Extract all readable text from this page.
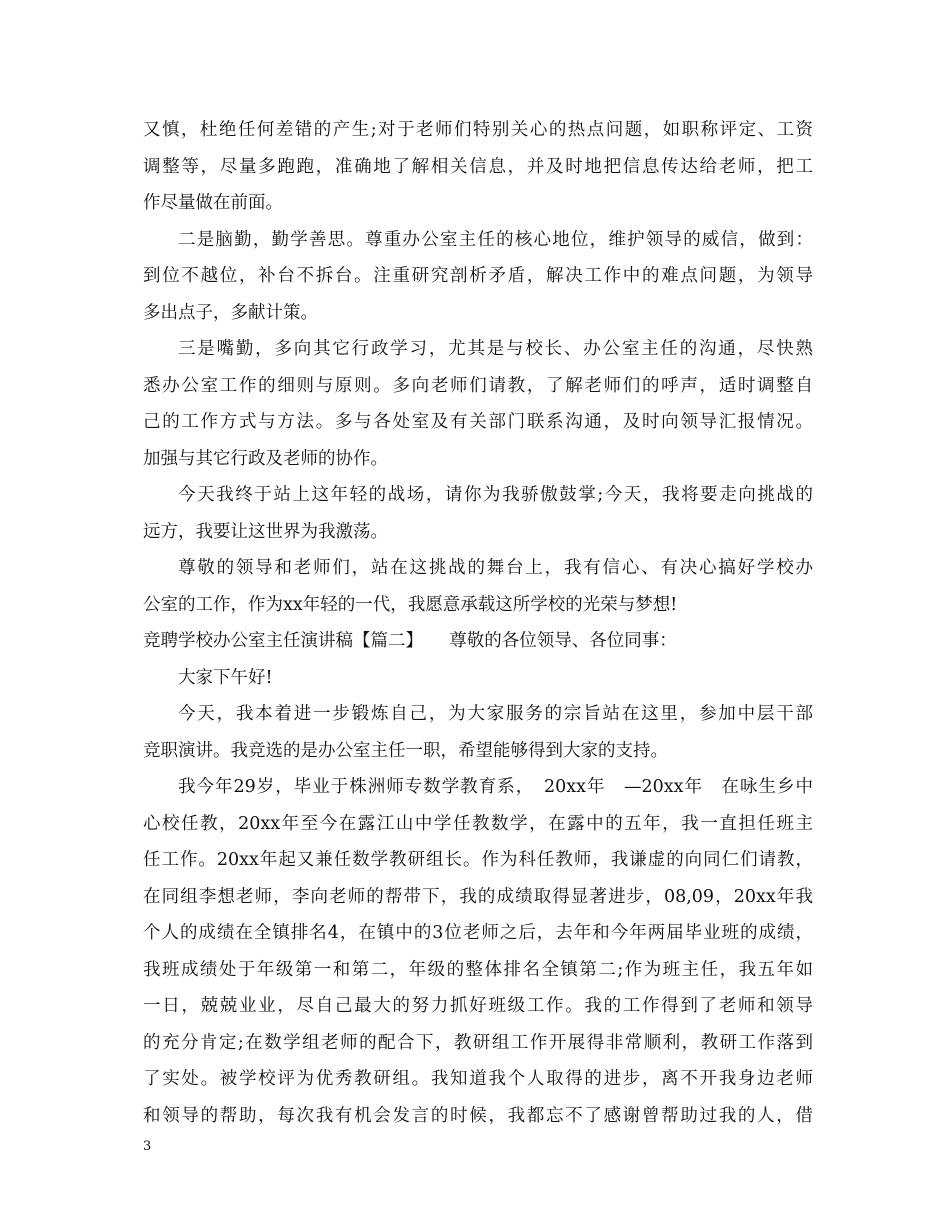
又慎，杜绝任何差错的产生;对于老师们特别关心的热点问题，如职称评定、工资
调整等，尽量多跑跑，准确地了解相关信息，并及时地把信息传达给老师，把工
作尽量做在前面。
二是脑勤，勤学善思。尊重办公室主任的核心地位，维护领导的威信，做到：
到位不越位，补台不拆台。注重研究剖析矛盾，解决工作中的难点问题，为领导
多出点子，多献计策。
三是嘴勤，多向其它行政学习，尤其是与校长、办公室主任的沟通，尽快熟
悉办公室工作的细则与原则。多向老师们请教，了解老师们的呼声，适时调整自
己的工作方式与方法。多与各处室及有关部门联系沟通，及时向领导汇报情况。
加强与其它行政及老师的协作。
今天我终于站上这年轻的战场，请你为我骄傲鼓掌;今天，我将要走向挑战的
远方，我要让这世界为我激荡。
尊敬的领导和老师们，站在这挑战的舞台上，我有信心、有决心搞好学校办
公室的工作，作为xx年轻的一代，我愿意承载这所学校的光荣与梦想!
竞聘学校办公室主任演讲稿【篇二】　　尊敬的各位领导、各位同事：
大家下午好!
今天，我本着进一步锻炼自己，为大家服务的宗旨站在这里，参加中层干部
竞职演讲。我竞选的是办公室主任一职，希望能够得到大家的支持。
我今年29岁，毕业于株洲师专数学教育系，　20xx年　—20xx年　在咏生乡中
心校任教，20xx年至今在露江山中学任教数学，在露中的五年，我一直担任班主
任工作。20xx年起又兼任数学教研组长。作为科任教师，我谦虚的向同仁们请教，
在同组李想老师，李向老师的帮带下，我的成绩取得显著进步，08,09，20xx年我
个人的成绩在全镇排名4，在镇中的3位老师之后，去年和今年两届毕业班的成绩，
我班成绩处于年级第一和第二，年级的整体排名全镇第二;作为班主任，我五年如
一日，兢兢业业，尽自己最大的努力抓好班级工作。我的工作得到了老师和领导
的充分肯定;在数学组老师的配合下，教研组工作开展得非常顺利，教研工作落到
了实处。被学校评为优秀教研组。我知道我个人取得的进步，离不开我身边老师
和领导的帮助，每次我有机会发言的时候，我都忘不了感谢曾帮助过我的人，借
3
